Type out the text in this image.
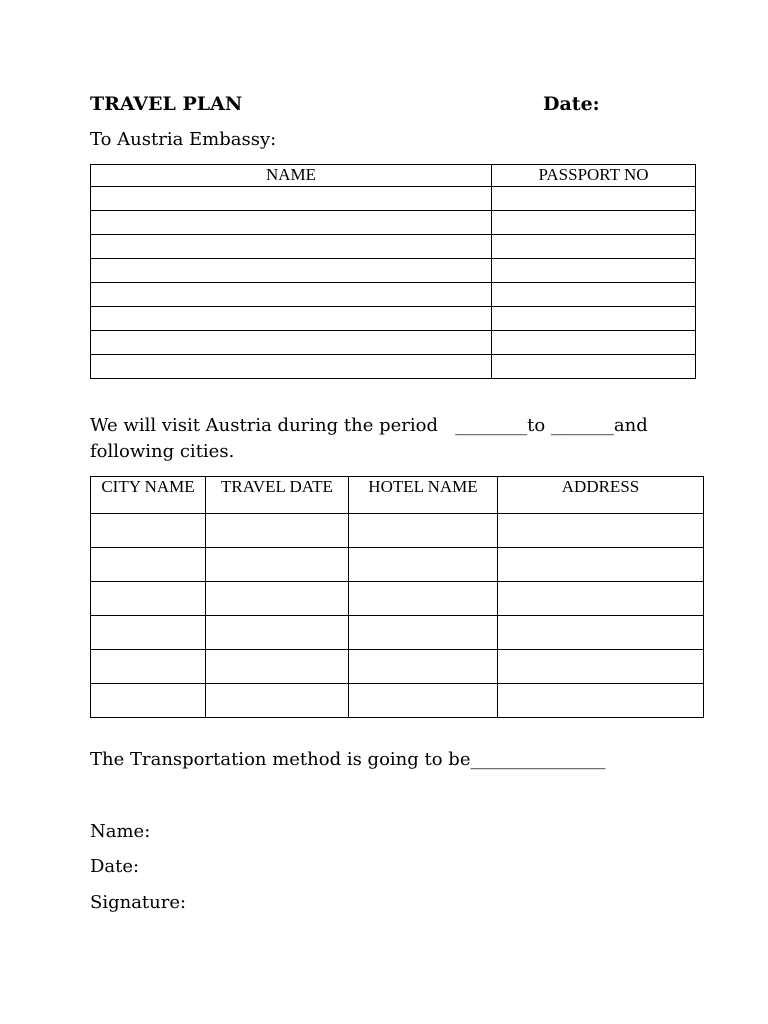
TRAVEL PLAN	Date:
To Austria Embassy:
NAME	PASSPORT NO

We will visit Austria during the period   ________to _______and
following cities.
CITY NAME	TRAVEL DATE	HOTEL NAME	ADDRESS

The Transportation method is going to be_______________
Name:
Date:
Signature:
